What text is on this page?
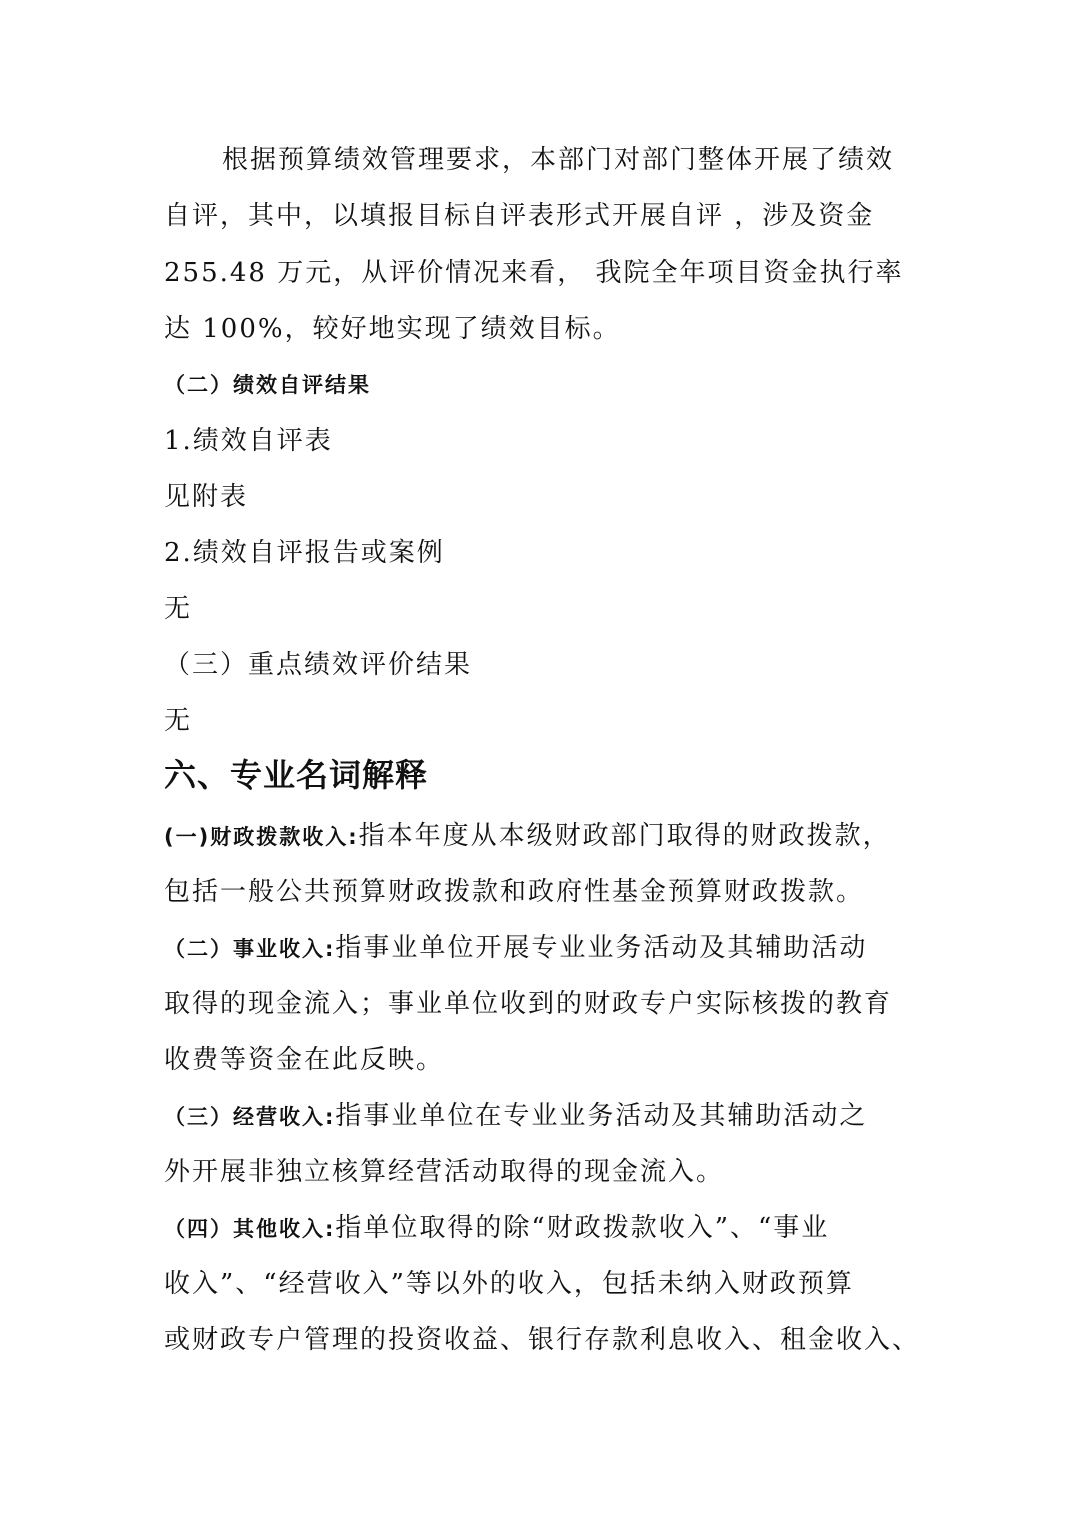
根据预算绩效管理要求，本部门对部门整体开展了绩效
自评，其中，以填报目标自评表形式开展自评 ，涉及资金
255.48 万元，从评价情况来看， 我院全年项目资金执行率
达 100%，较好地实现了绩效目标。
（二）绩效自评结果
1.绩效自评表
见附表
2.绩效自评报告或案例
无
（三）重点绩效评价结果
无
六、专业名词解释
(一)财政拨款收入:指本年度从本级财政部门取得的财政拨款，
包括一般公共预算财政拨款和政府性基金预算财政拨款。
（二）事业收入:指事业单位开展专业业务活动及其辅助活动
取得的现金流入；事业单位收到的财政专户实际核拨的教育
收费等资金在此反映。
（三）经营收入:指事业单位在专业业务活动及其辅助活动之
外开展非独立核算经营活动取得的现金流入。
（四）其他收入:指单位取得的除“财政拨款收入”、“事业
收入”、“经营收入”等以外的收入，包括未纳入财政预算
或财政专户管理的投资收益、银行存款利息收入、租金收入、
